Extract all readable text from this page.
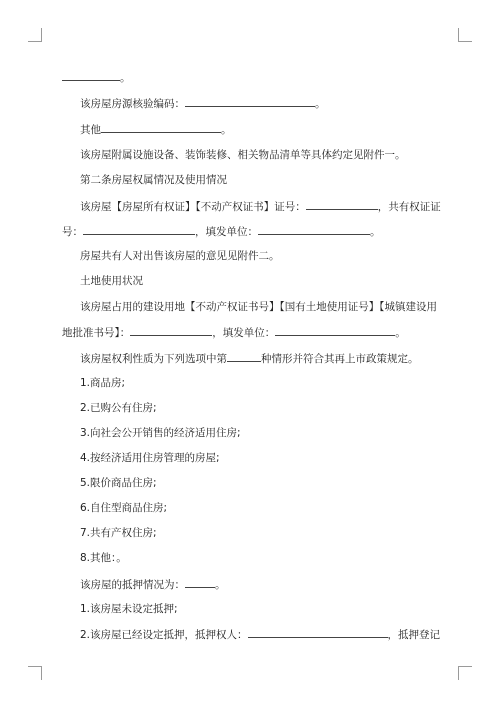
。
该房屋房源核验编码：	。
其他	。
该房屋附属设施设备、装饰装修、相关物品清单等具体约定见附件一。
第二条房屋权属情况及使用情况
该房屋【房屋所有权证】【不动产权证书】证号：	，共有权证证
号：	，填发单位：	。
房屋共有人对出售该房屋的意见见附件二。
土地使用状况
该房屋占用的建设用地【不动产权证书号】【国有土地使用证号】【城镇建设用
地批准书号】：	，填发单位：	。
该房屋权利性质为下列选项中第	种情形并符合其再上市政策规定。
1.商品房;
2.已购公有住房;
3.向社会公开销售的经济适用住房;
4.按经济适用住房管理的房屋;
5.限价商品住房;
6.自住型商品住房;
7.共有产权住房;
8.其他：。
该房屋的抵押情况为：	。
1.该房屋未设定抵押;
2.该房屋已经设定抵押，抵押权人：	，抵押登记
